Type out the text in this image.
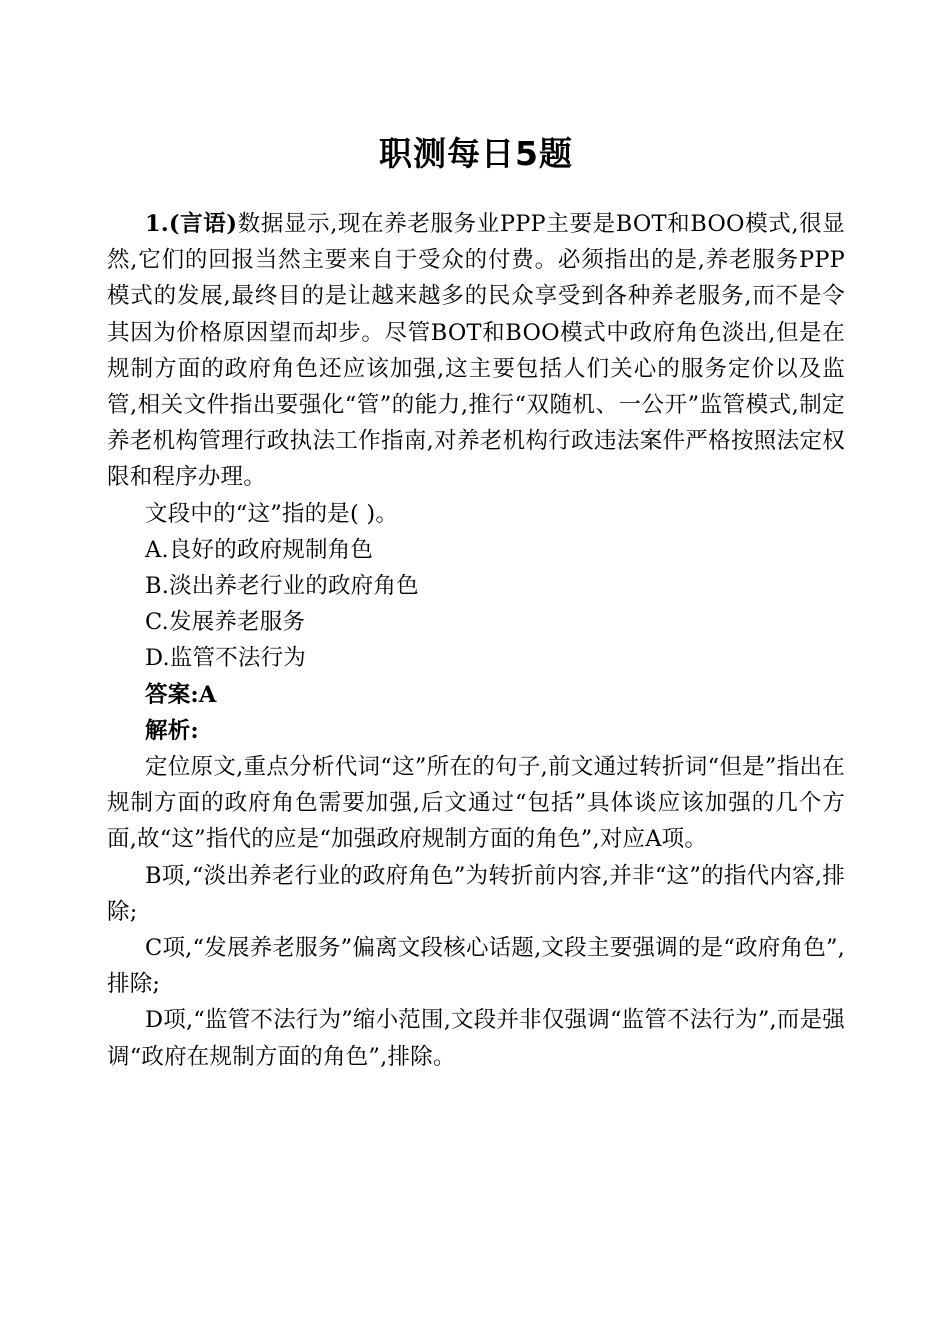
职测每日5题

1.(言语)数据显示,现在养老服务业PPP主要是BOT和BOO模式,很显然,它们的回报当然主要来自于受众的付费。必须指出的是,养老服务PPP模式的发展,最终目的是让越来越多的民众享受到各种养老服务,而不是令其因为价格原因望而却步。尽管BOT和BOO模式中政府角色淡出,但是在规制方面的政府角色还应该加强,这主要包括人们关心的服务定价以及监管,相关文件指出要强化“管”的能力,推行“双随机、一公开”监管模式,制定养老机构管理行政执法工作指南,对养老机构行政违法案件严格按照法定权限和程序办理。

文段中的“这”指的是( )。

A.良好的政府规制角色

B.淡出养老行业的政府角色

C.发展养老服务

D.监管不法行为

答案:A

解析:

定位原文,重点分析代词“这”所在的句子,前文通过转折词“但是”指出在规制方面的政府角色需要加强,后文通过“包括”具体谈应该加强的几个方面,故“这”指代的应是“加强政府规制方面的角色”,对应A项。

B项,“淡出养老行业的政府角色”为转折前内容,并非“这”的指代内容,排除;

C项,“发展养老服务”偏离文段核心话题,文段主要强调的是“政府角色”,排除;

D项,“监管不法行为”缩小范围,文段并非仅强调“监管不法行为”,而是强调“政府在规制方面的角色”,排除。
